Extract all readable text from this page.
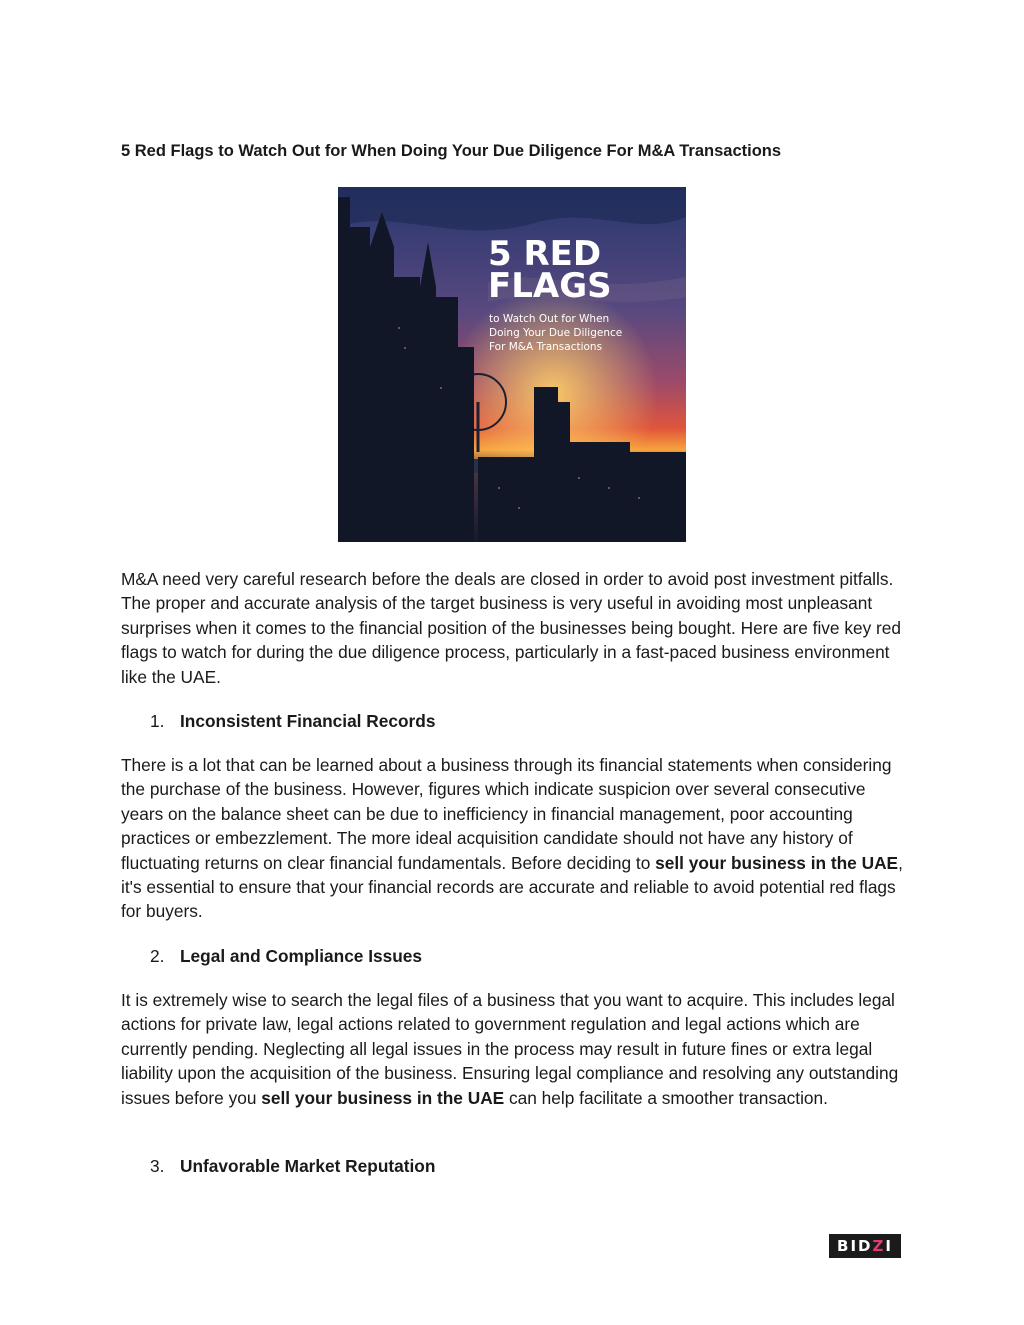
5 Red Flags to Watch Out for When Doing Your Due Diligence For M&A Transactions
5 RED
FLAGS
to Watch Out for When
Doing Your Due Diligence
For M&A Transactions

M&A need very careful research before the deals are closed in order to avoid post investment pitfalls. The proper and accurate analysis of the target business is very useful in avoiding most unpleasant surprises when it comes to the financial position of the businesses being bought. Here are five key red flags to watch for during the due diligence process, particularly in a fast-paced business environment like the UAE.

1. Inconsistent Financial Records

There is a lot that can be learned about a business through its financial statements when considering the purchase of the business. However, figures which indicate suspicion over several consecutive years on the balance sheet can be due to inefficiency in financial management, poor accounting practices or embezzlement. The more ideal acquisition candidate should not have any history of fluctuating returns on clear financial fundamentals. Before deciding to sell your business in the UAE, it's essential to ensure that your financial records are accurate and reliable to avoid potential red flags for buyers.

2. Legal and Compliance Issues

It is extremely wise to search the legal files of a business that you want to acquire. This includes legal actions for private law, legal actions related to government regulation and legal actions which are currently pending. Neglecting all legal issues in the process may result in future fines or extra legal liability upon the acquisition of the business. Ensuring legal compliance and resolving any outstanding issues before you sell your business in the UAE can help facilitate a smoother transaction.

3. Unfavorable Market Reputation

BID Z I
